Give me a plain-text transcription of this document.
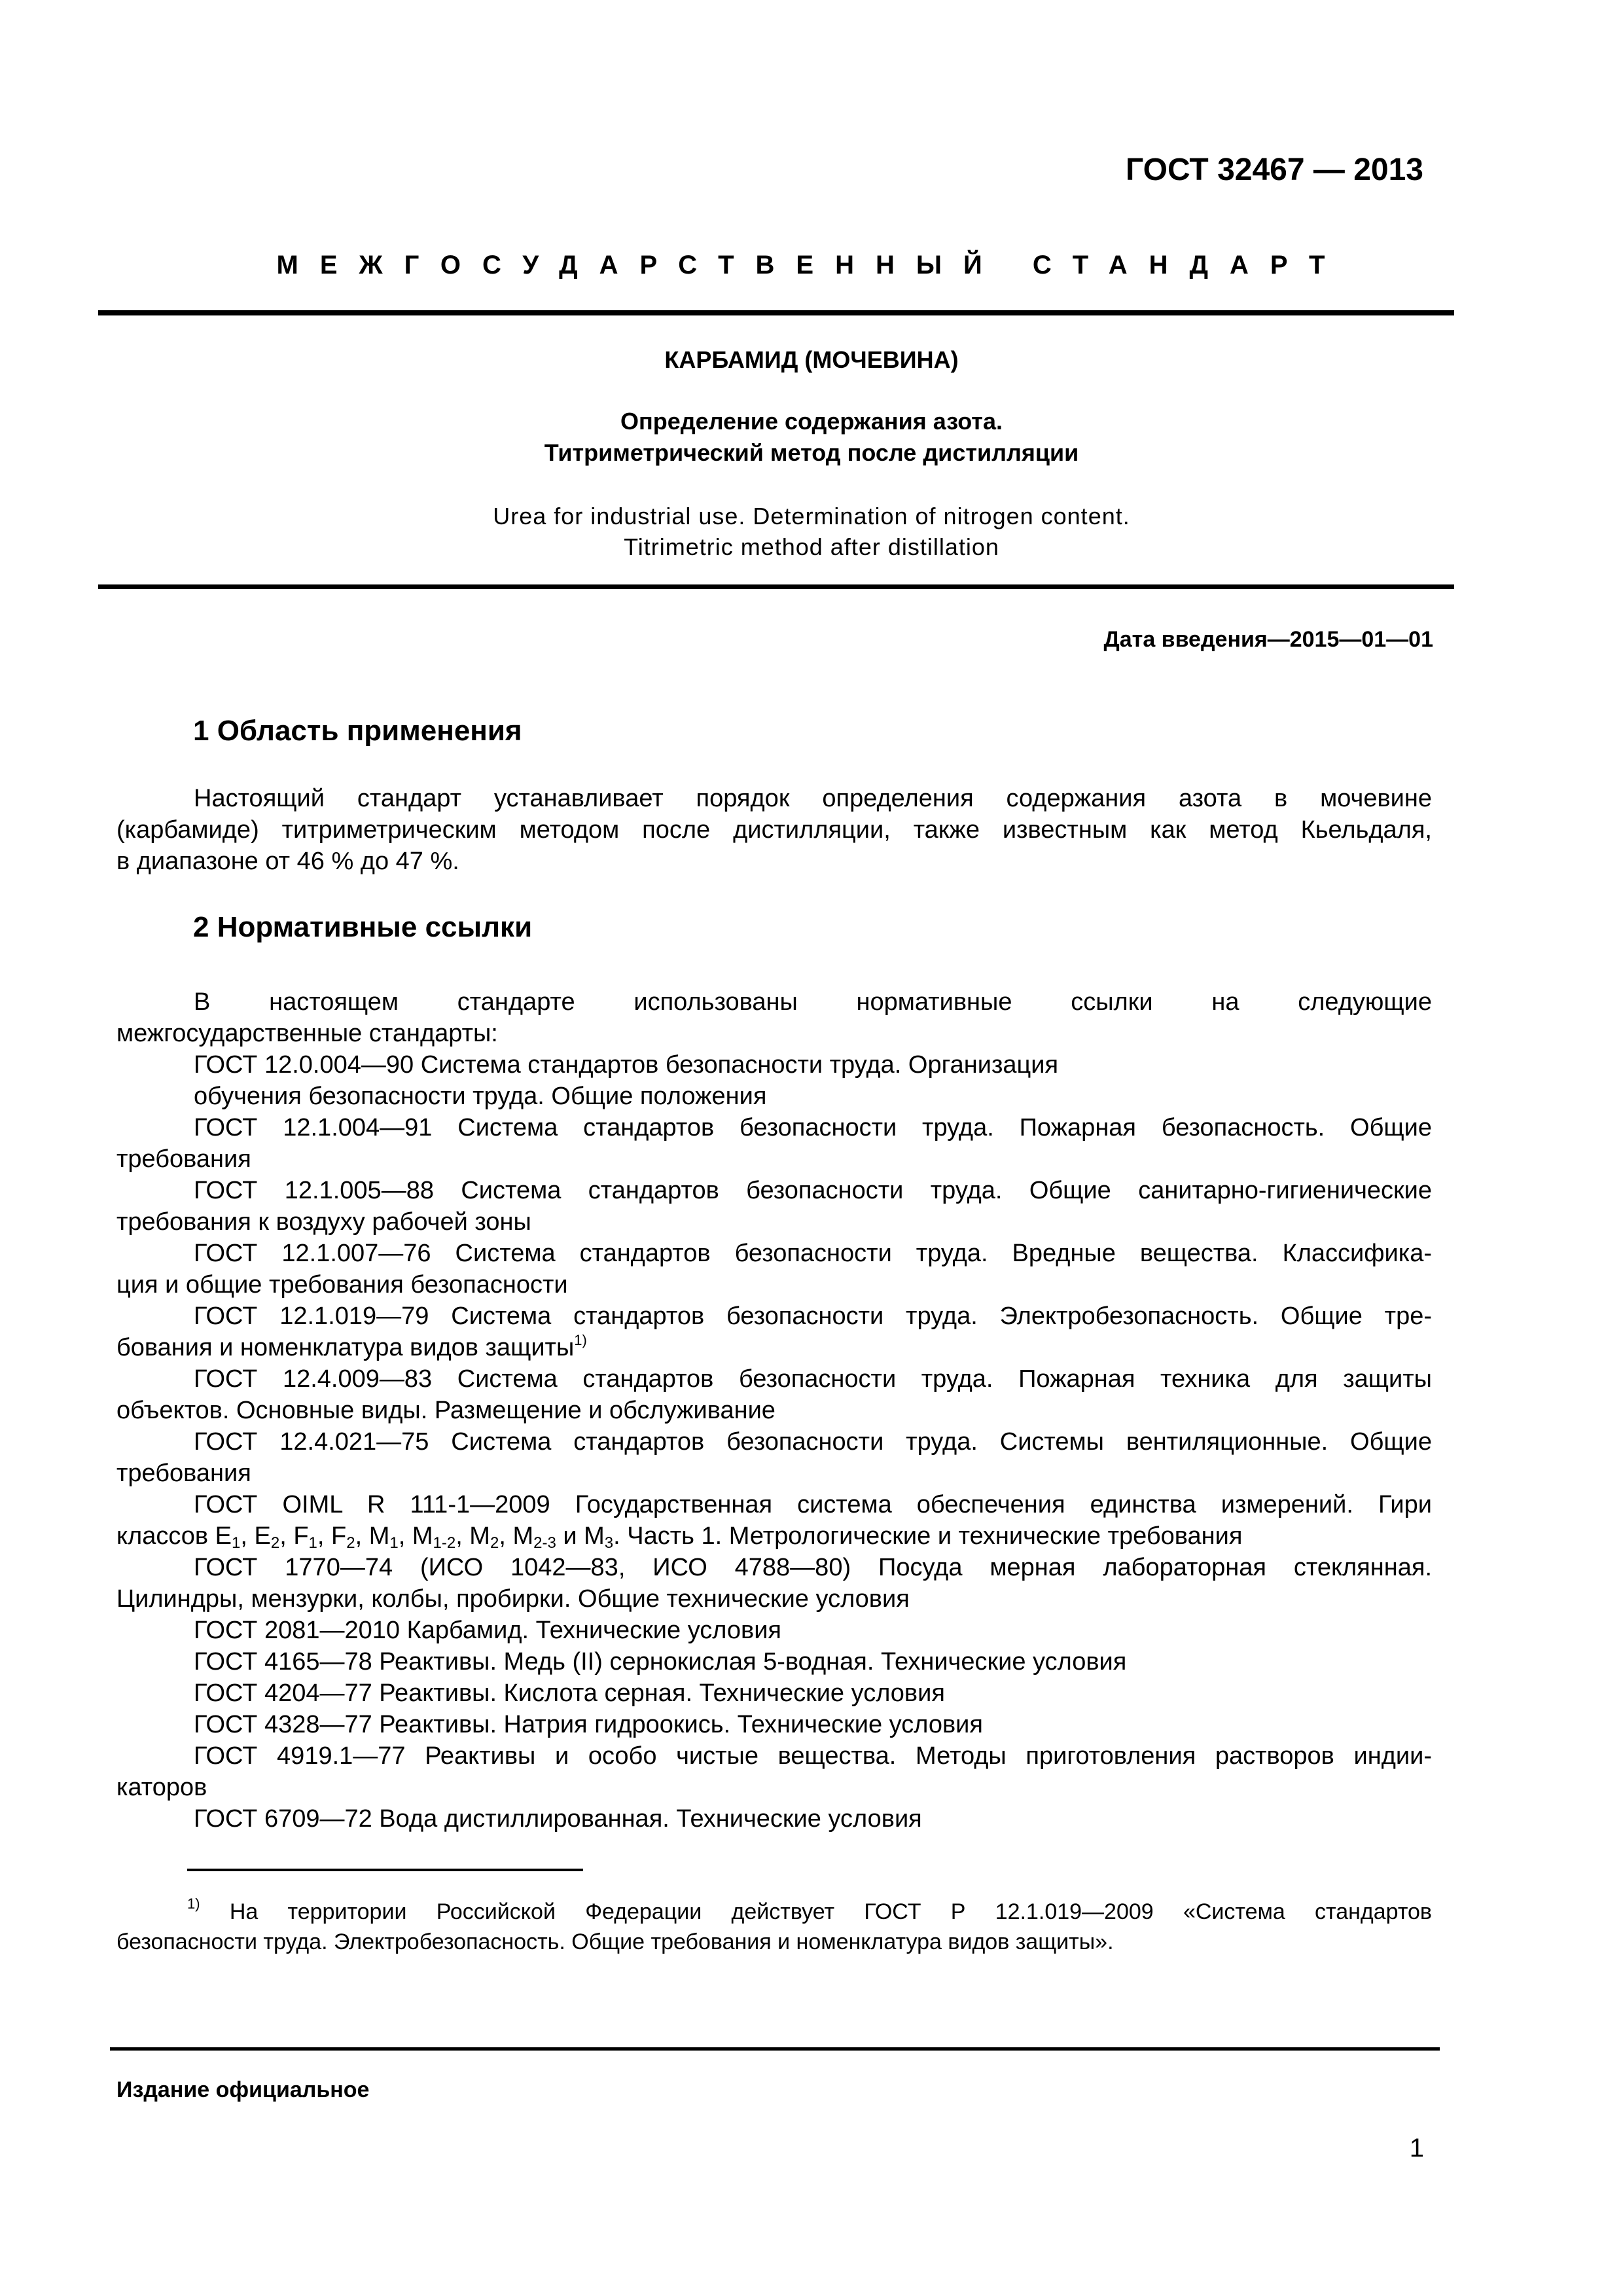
ГОСТ 32467 — 2013
МЕЖГОСУДАРСТВЕННЫЙ СТАНДАРТ
КАРБАМИД (МОЧЕВИНА)
Определение содержания азота.
Титриметрический метод после дистилляции
Urea for industrial use. Determination of nitrogen content.
Titrimetric method after distillation
Дата введения—2015—01—01
1 Область применения
Настоящий стандарт устанавливает порядок определения содержания азота в мочевине
(карбамиде) титриметрическим методом после дистилляции, также известным как метод Кьельдаля,
в диапазоне от 46 % до 47 %.
2 Нормативные ссылки
В настоящем стандарте использованы нормативные ссылки на следующие
межгосударственные стандарты:
ГОСТ 12.0.004—90 Система стандартов безопасности труда. Организация
обучения безопасности труда. Общие положения
ГОСТ 12.1.004—91 Система стандартов безопасности труда. Пожарная безопасность. Общие
требования
ГОСТ 12.1.005—88 Система стандартов безопасности труда. Общие санитарно-гигиенические
требования к воздуху рабочей зоны
ГОСТ 12.1.007—76 Система стандартов безопасности труда. Вредные вещества. Классифика-
ция и общие требования безопасности
ГОСТ 12.1.019—79 Система стандартов безопасности труда. Электробезопасность. Общие тре-
бования и номенклатура видов защиты$^{1)}$
ГОСТ 12.4.009—83 Система стандартов безопасности труда. Пожарная техника для защиты
объектов. Основные виды. Размещение и обслуживание
ГОСТ 12.4.021—75 Система стандартов безопасности труда. Системы вентиляционные. Общие
требования
ГОСТ OIML R 111-1—2009 Государственная система обеспечения единства измерений. Гири
классов $E_1$, $E_2$, $F_1$, $F_2$, $M_1$, $M_{1-2}$, $M_2$, $M_{2-3}$ и $M_3$. Часть 1. Метрологические и технические требования
ГОСТ 1770—74 (ИСО 1042—83, ИСО 4788—80) Посуда мерная лабораторная стеклянная.
Цилиндры, мензурки, колбы, пробирки. Общие технические условия
ГОСТ 2081—2010 Карбамид. Технические условия
ГОСТ 4165—78 Реактивы. Медь (II) сернокислая 5-водная. Технические условия
ГОСТ 4204—77 Реактивы. Кислота серная. Технические условия
ГОСТ 4328—77 Реактивы. Натрия гидроокись. Технические условия
ГОСТ 4919.1—77 Реактивы и особо чистые вещества. Методы приготовления растворов индии-
каторов
ГОСТ 6709—72 Вода дистиллированная. Технические условия
$^{1)}$ На территории Российской Федерации действует ГОСТ Р 12.1.019—2009 «Система стандартов
безопасности труда. Электробезопасность. Общие требования и номенклатура видов защиты».
Издание официальное
1
